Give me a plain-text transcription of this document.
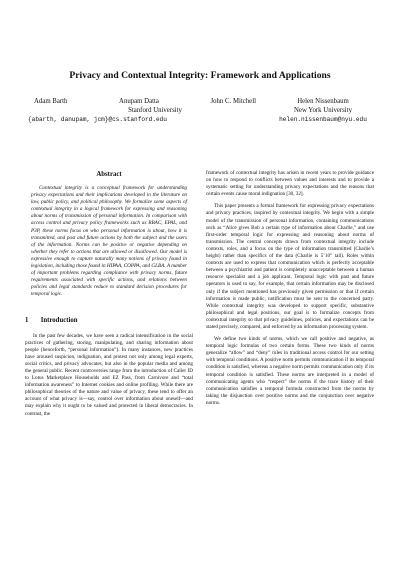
Privacy and Contextual Integrity: Framework and Applications
Adam Barth	Anupam Datta	John C. Mitchell
Stanford University
{abarth, danupam, jcm}@cs.stanford.edu
Helen Nissenbaum
New York University
helen.nissenbaum@nyu.edu
Abstract

Contextual integrity is a conceptual framework for understanding privacy expectations and their implications developed in the literature on law, public policy, and political philosophy. We formalize some aspects of contextual integrity in a logical framework for expressing and reasoning about norms of transmission of personal information. In comparison with access control and privacy policy frameworks such as RBAC, EPAL, and P3P, these norms focus on who personal information is about, how it is transmitted, and past and future actions by both the subject and the users of the information. Norms can be positive or negative depending on whether they refer to actions that are allowed or disallowed. Our model is expressive enough to capture naturally many notions of privacy found in legislation, including those found in HIPAA, COPPA, and GLBA. A number of important problems regarding compliance with privacy norms, future requirements associated with specific actions, and relations between policies and legal standards reduce to standard decision procedures for temporal logic.

1 Introduction

In the past few decades, we have seen a radical intensification in the social practices of gathering, storing, manipulating, and sharing information about people (henceforth, “personal information”). In many instances, new practices have aroused suspicion, indignation, and protest not only among legal experts, social critics, and privacy advocates, but also in the popular media and among the general public. Recent controversies range from the introduction of Caller ID to Lotus Marketplace Households and EZ Pass, from Carnivore and “total information awareness” to Internet cookies and online profiling. While there are philosophical theories of the nature and value of privacy, these tend to offer an account of what privacy is—say, control over information about oneself—and may explain why it ought to be valued and protected in liberal democracies. In contrast, the

framework of contextual integrity has arisen in recent years to provide guidance on how to respond to conflicts between values and interests and to provide a systematic setting for understanding privacy expectations and the reasons that certain events cause moral indignation [30, 32].

This paper presents a formal framework for expressing privacy expectations and privacy practices, inspired by contextual integrity. We begin with a simple model of the transmission of personal information, containing communications such as “Alice gives Bob a certain type of information about Charlie,” and use first-order temporal logic for expressing and reasoning about norms of transmission. The central concepts drawn from contextual integrity include contexts, roles, and a focus on the type of information transmitted (Charlie’s height) rather than specifics of the data (Charlie is 5’10” tall). Roles within contexts are used to express that communication which is perfectly acceptable between a psychiatrist and patient is completely unacceptable between a human resource specialist and a job applicant. Temporal logic with past and future operators is used to say, for example, that certain information may be disclosed only if the subject mentioned has previously given permission or that if certain information is made public, notification must be sent to the concerned party. While contextual integrity was developed to support specific, substantive philosophical and legal positions, our goal is to formalize concepts from contextual integrity so that privacy guidelines, policies, and expectations can be stated precisely, compared, and enforced by an information processing system.

We define two kinds of norms, which we call positive and negative, as temporal logic formulas of two certain forms. These two kinds of norms generalize “allow” and “deny” rules in traditional access control for our setting with temporal conditions. A positive norm permits communication if its temporal condition is satisfied, whereas a negative norm permits communication only if its temporal condition is satisfied. These norms are interpreted in a model of communicating agents who “respect” the norms if the trace history of their communication satisfies a temporal formula constructed from the norms by taking the disjunction over positive norms and the conjunction over negative norms.
